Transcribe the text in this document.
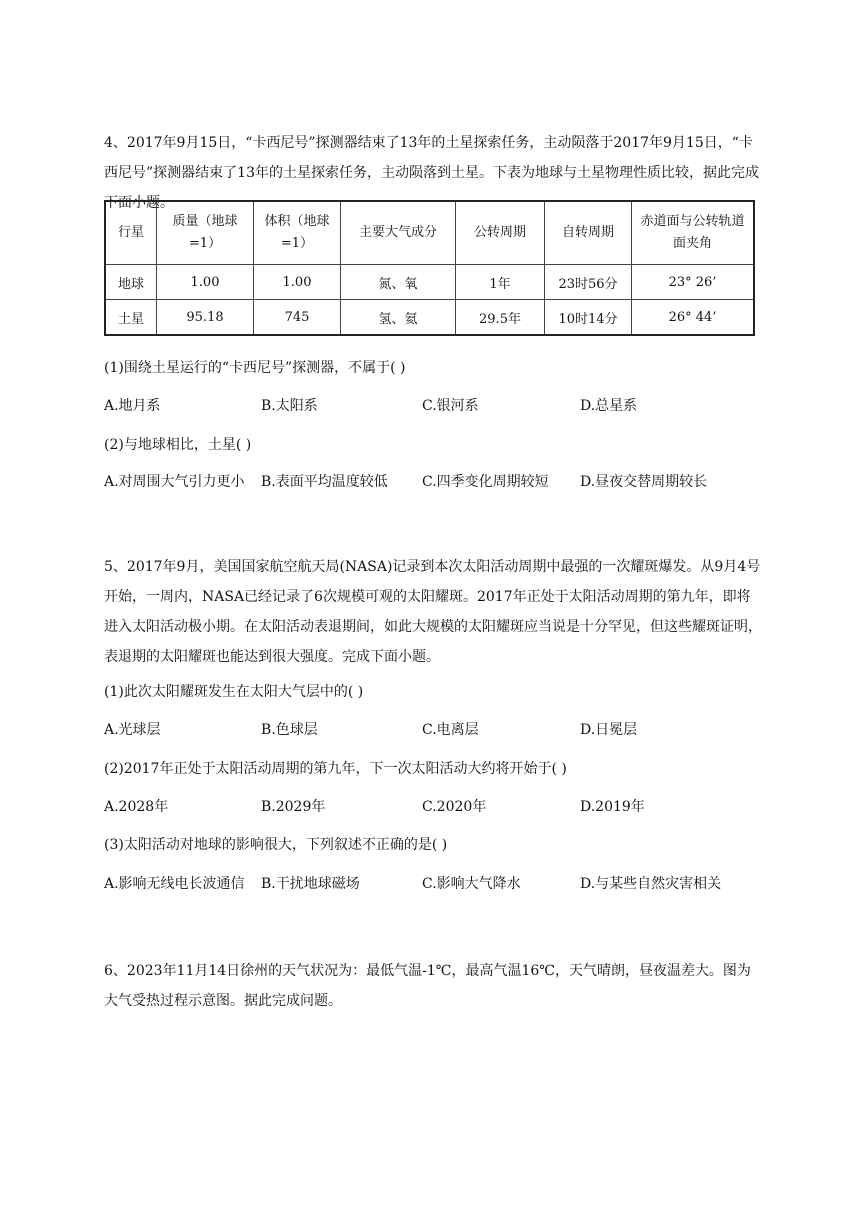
4、2017年9月15日，“卡西尼号”探测器结束了13年的土星探索任务，主动陨落于2017年9月15日，“卡西尼号”探测器结束了13年的土星探索任务，主动陨落到土星。下表为地球与土星物理性质比较，据此完成下面小题。

行星	质量（地球=1）	体积（地球=1）	主要大气成分	公转周期	自转周期	赤道面与公转轨道面夹角
地球	1.00	1.00	氮、氧	1年	23时56分	23° 26’
土星	95.18	745	氢、氦	29.5年	10时14分	26° 44’
(1)围绕土星运行的“卡西尼号”探测器，不属于( )
A.地月系	B.太阳系	C.银河系	D.总星系
(2)与地球相比，土星( )
A.对周围大气引力更小 B.表面平均温度较低 C.四季变化周期较短 D.昼夜交替周期较长

5、2017年9月，美国国家航空航天局(NASA)记录到本次太阳活动周期中最强的一次耀斑爆发。从9月4号开始，一周内，NASA已经记录了6次规模可观的太阳耀斑。2017年正处于太阳活动周期的第九年，即将进入太阳活动极小期。在太阳活动表退期间，如此大规模的太阳耀斑应当说是十分罕见，但这些耀斑证明，表退期的太阳耀斑也能达到很大强度。完成下面小题。

(1)此次太阳耀斑发生在太阳大气层中的( )
A.光球层	B.色球层	C.电离层	D.日冕层
(2)2017年正处于太阳活动周期的第九年，下一次太阳活动大约将开始于( )
A.2028年	B.2029年	C.2020年	D.2019年
(3)太阳活动对地球的影响很大，下列叙述不正确的是( )
A.影响无线电长波通信 B.干扰地球磁场	C.影响大气降水	D.与某些自然灾害相关

6、2023年11月14日徐州的天气状况为：最低气温-1℃，最高气温16℃，天气晴朗，昼夜温差大。图为大气受热过程示意图。据此完成问题。
